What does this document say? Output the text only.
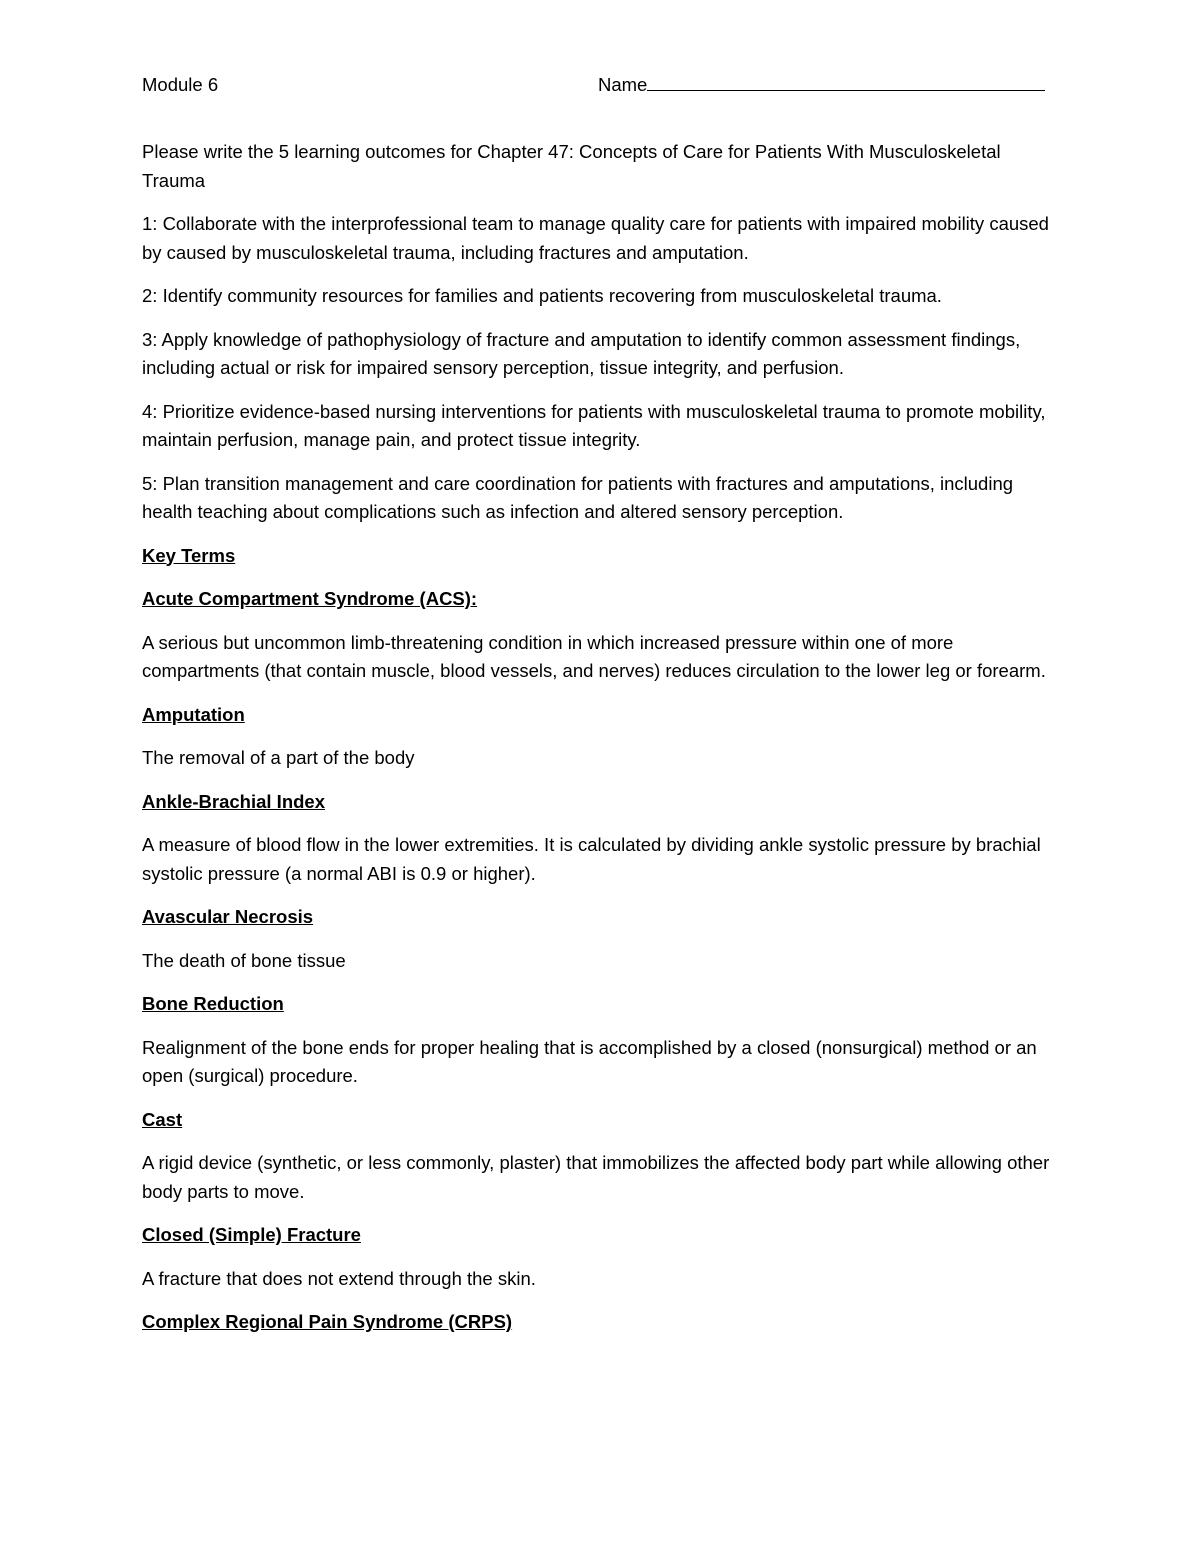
Module 6	Name

Please write the 5 learning outcomes for Chapter 47: Concepts of Care for Patients With Musculoskeletal Trauma

1: Collaborate with the interprofessional team to manage quality care for patients with impaired mobility caused by caused by musculoskeletal trauma, including fractures and amputation.

2: Identify community resources for families and patients recovering from musculoskeletal trauma.

3: Apply knowledge of pathophysiology of fracture and amputation to identify common assessment findings, including actual or risk for impaired sensory perception, tissue integrity, and perfusion.

4: Prioritize evidence-based nursing interventions for patients with musculoskeletal trauma to promote mobility, maintain perfusion, manage pain, and protect tissue integrity.

5: Plan transition management and care coordination for patients with fractures and amputations, including health teaching about complications such as infection and altered sensory perception.

Key Terms

Acute Compartment Syndrome (ACS):

A serious but uncommon limb-threatening condition in which increased pressure within one of more compartments (that contain muscle, blood vessels, and nerves) reduces circulation to the lower leg or forearm.

Amputation

The removal of a part of the body

Ankle-Brachial Index

A measure of blood flow in the lower extremities. It is calculated by dividing ankle systolic pressure by brachial systolic pressure (a normal ABI is 0.9 or higher).

Avascular Necrosis

The death of bone tissue

Bone Reduction

Realignment of the bone ends for proper healing that is accomplished by a closed (nonsurgical) method or an open (surgical) procedure.

Cast

A rigid device (synthetic, or less commonly, plaster) that immobilizes the affected body part while allowing other body parts to move.

Closed (Simple) Fracture

A fracture that does not extend through the skin.

Complex Regional Pain Syndrome (CRPS)
